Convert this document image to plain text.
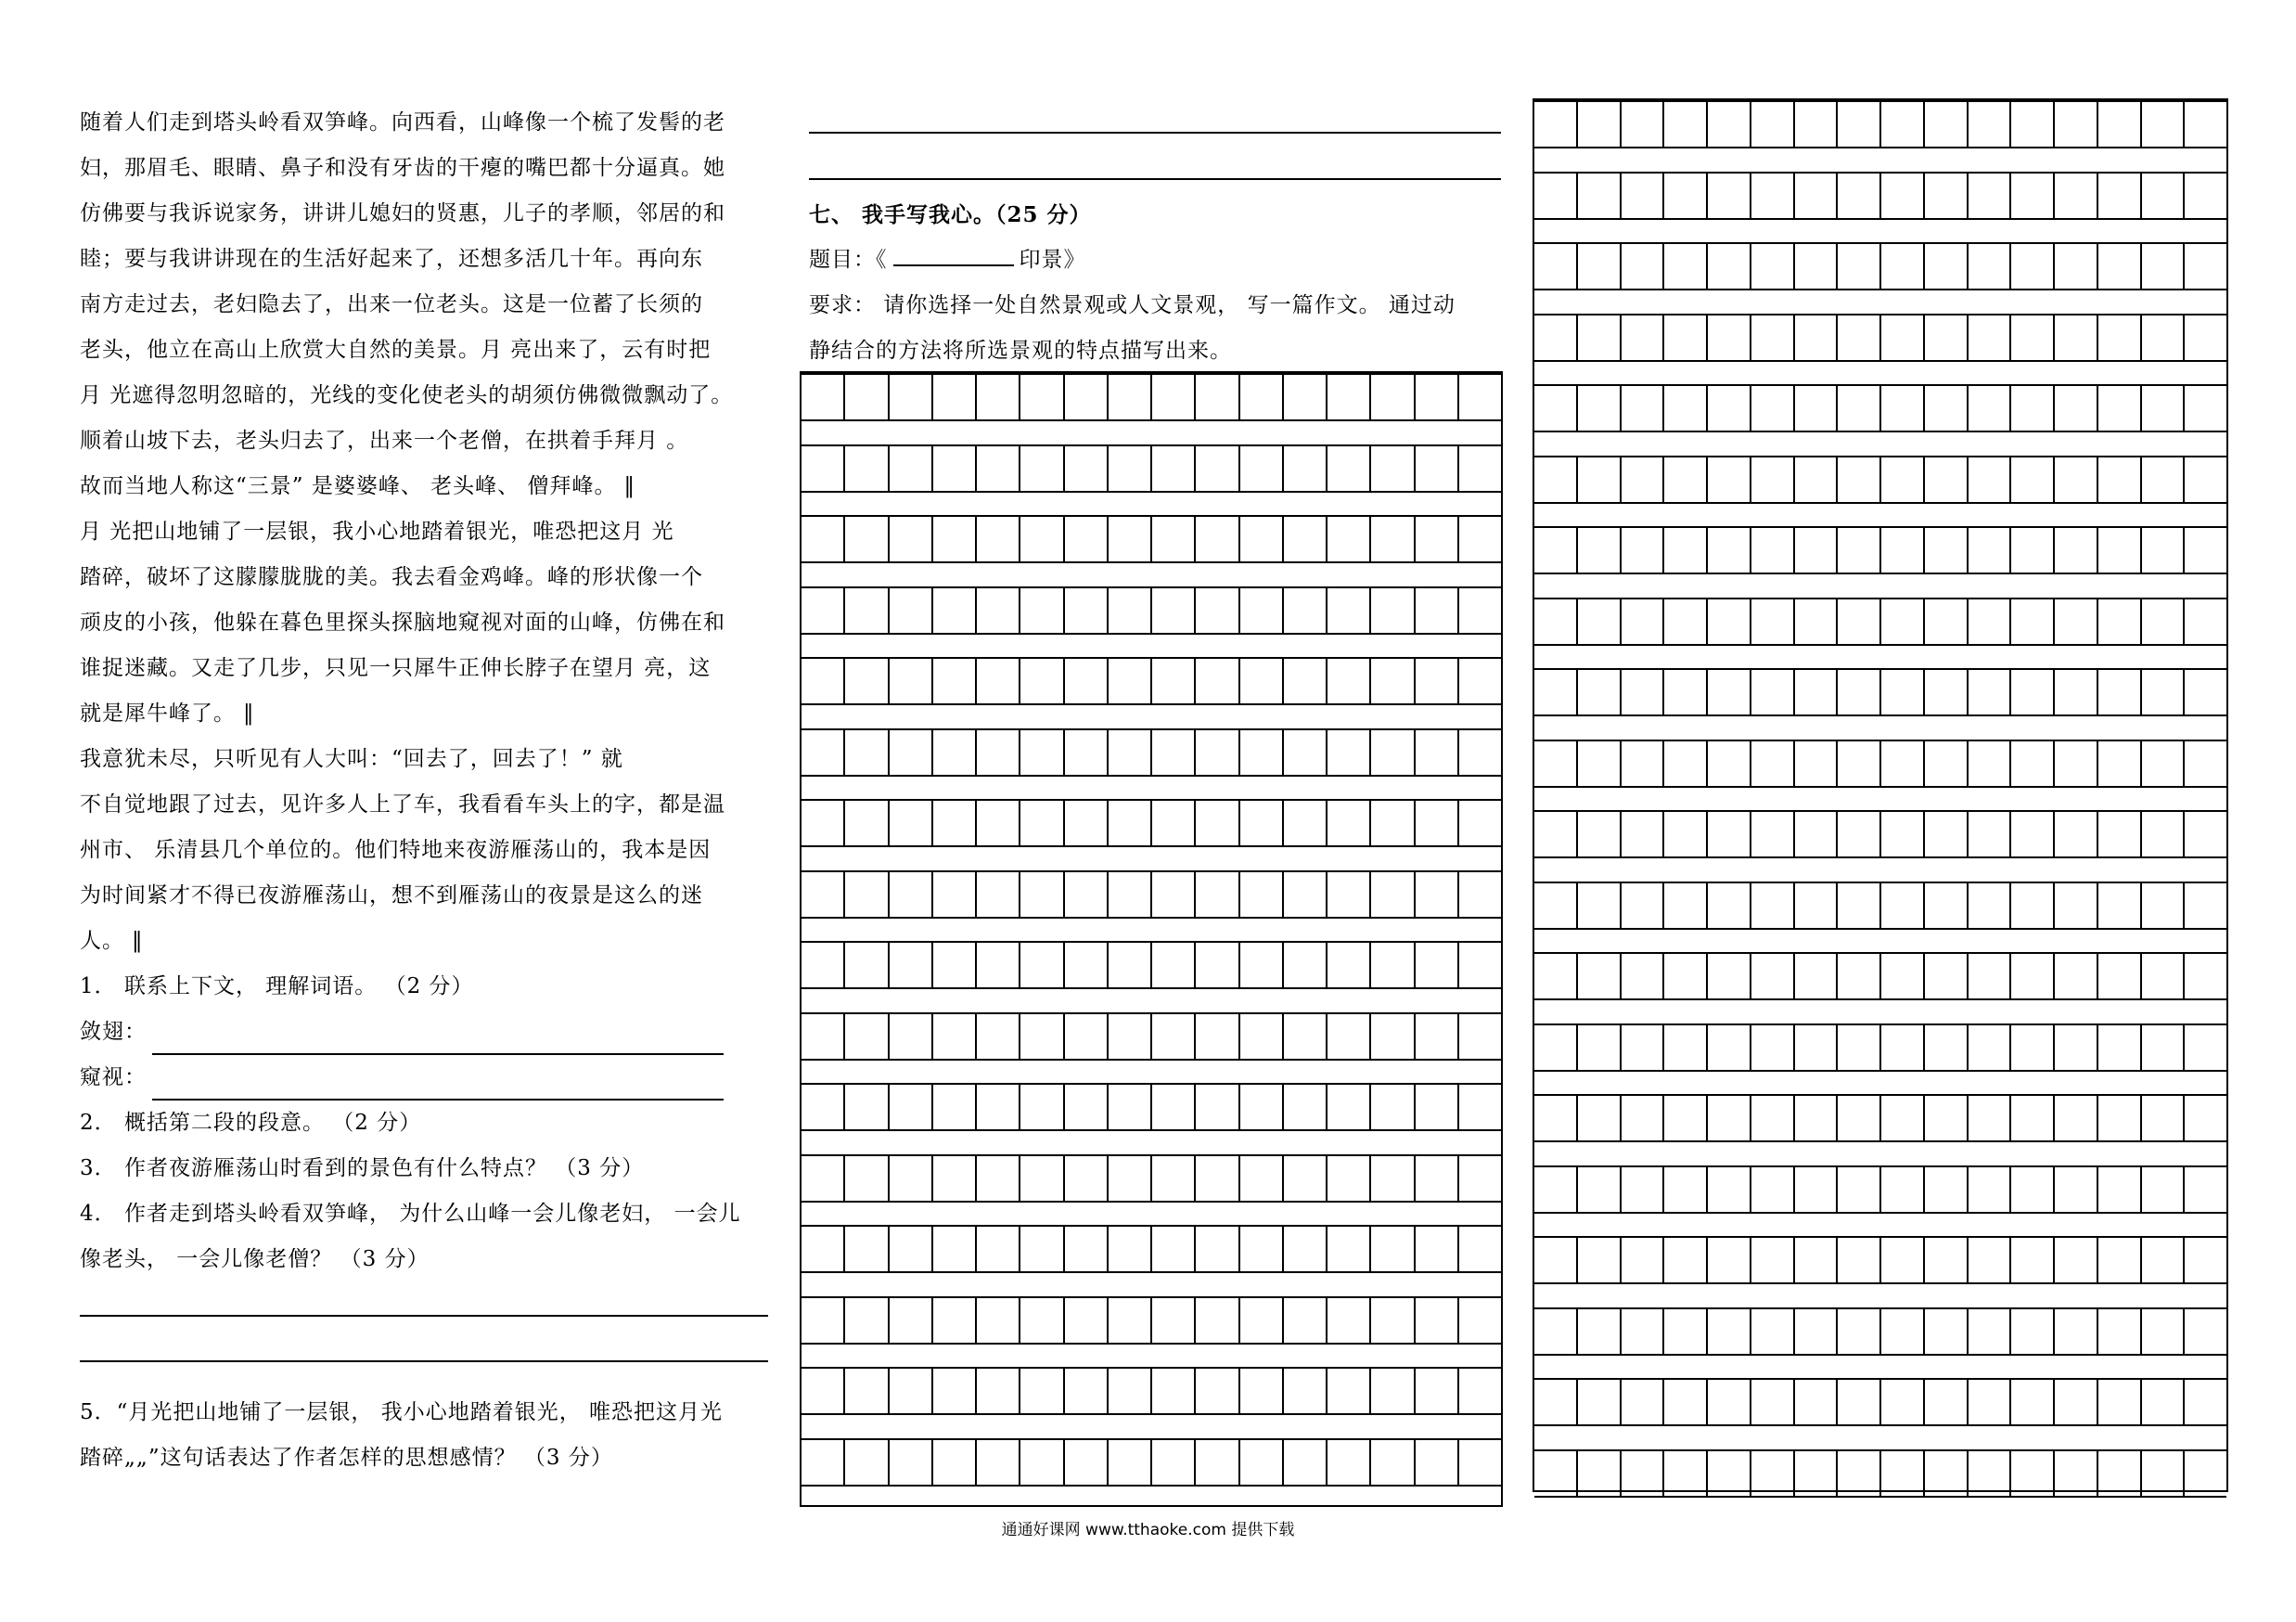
随着人们走到塔头岭看双笋峰。向西看，山峰像一个梳了发髻的老
妇，那眉毛、眼睛、鼻子和没有牙齿的干瘪的嘴巴都十分逼真。她
仿佛要与我诉说家务，讲讲儿媳妇的贤惠，儿子的孝顺，邻居的和
睦；要与我讲讲现在的生活好起来了，还想多活几十年。再向东
南方走过去，老妇隐去了，出来一位老头。这是一位蓄了长须的
老头，他立在高山上欣赏大自然的美景。月 亮出来了，云有时把
月 光遮得忽明忽暗的，光线的变化使老头的胡须仿佛微微飘动了。
顺着山坡下去，老头归去了，出来一个老僧，在拱着手拜月 。
故而当地人称这“三景” 是婆婆峰、 老头峰、 僧拜峰。 ‖
月 光把山地铺了一层银，我小心地踏着银光，唯恐把这月 光
踏碎，破坏了这朦朦胧胧的美。我去看金鸡峰。峰的形状像一个
顽皮的小孩，他躲在暮色里探头探脑地窥视对面的山峰，仿佛在和
谁捉迷藏。又走了几步，只见一只犀牛正伸长脖子在望月 亮，这
就是犀牛峰了。 ‖
我意犹未尽，只听见有人大叫：“回去了，回去了！” 就
不自觉地跟了过去，见许多人上了车，我看看车头上的字，都是温
州市、 乐清县几个单位的。他们特地来夜游雁荡山的，我本是因
为时间紧才不得已夜游雁荡山，想不到雁荡山的夜景是这么的迷
人。 ‖
1． 联系上下文， 理解词语。 （2 分）
敛翅：
窥视：
2． 概括第二段的段意。 （2 分）
3． 作者夜游雁荡山时看到的景色有什么特点？ （3 分）
4． 作者走到塔头岭看双笋峰， 为什么山峰一会儿像老妇， 一会儿
像老头， 一会儿像老僧？ （3 分）
5．“月光把山地铺了一层银， 我小心地踏着银光， 唯恐把这月光
踏碎„„”这句话表达了作者怎样的思想感情？ （3 分）
七、 我手写我心。（25 分）
题目：《	印景》
要求： 请你选择一处自然景观或人文景观， 写一篇作文。 通过动
静结合的方法将所选景观的特点描写出来。
通通好课网 www.tthaoke.com 提供下载
